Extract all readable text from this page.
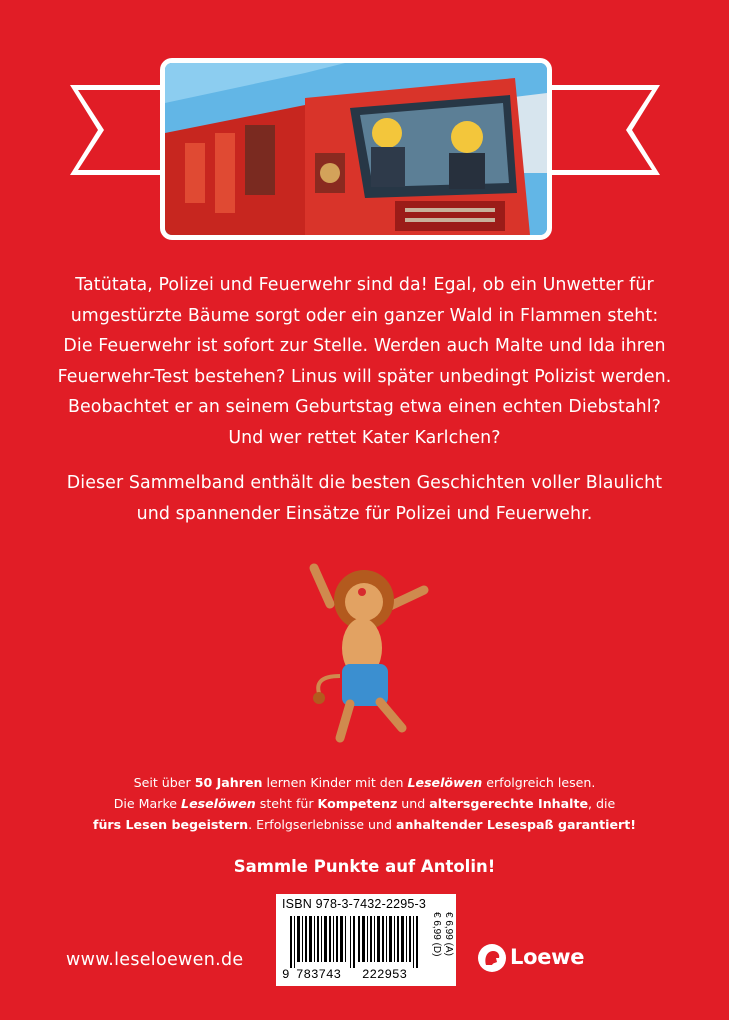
Tatütata, Polizei und Feuerwehr sind da! Egal, ob ein Unwetter für

umgestürzte Bäume sorgt oder ein ganzer Wald in Flammen steht:

Die Feuerwehr ist sofort zur Stelle. Werden auch Malte und Ida ihren

Feuerwehr-Test bestehen? Linus will später unbedingt Polizist werden.

Beobachtet er an seinem Geburtstag etwa einen echten Diebstahl?

Und wer rettet Kater Karlchen?

Dieser Sammelband enthält die besten Geschichten voller Blaulicht

und spannender Einsätze für Polizei und Feuerwehr.

Seit über 50 Jahren lernen Kinder mit den Leselöwen erfolgreich lesen.

Die Marke Leselöwen steht für Kompetenz und altersgerechte Inhalte, die

fürs Lesen begeistern. Erfolgserlebnisse und anhaltender Lesespaß garantiert!

Sammle Punkte auf Antolin!
www.leseloewen.de
ISBN 978-3-7432-2295-3
9 783743 222953
€ 6,99 (D) € 6,99 (A)
Loewe
